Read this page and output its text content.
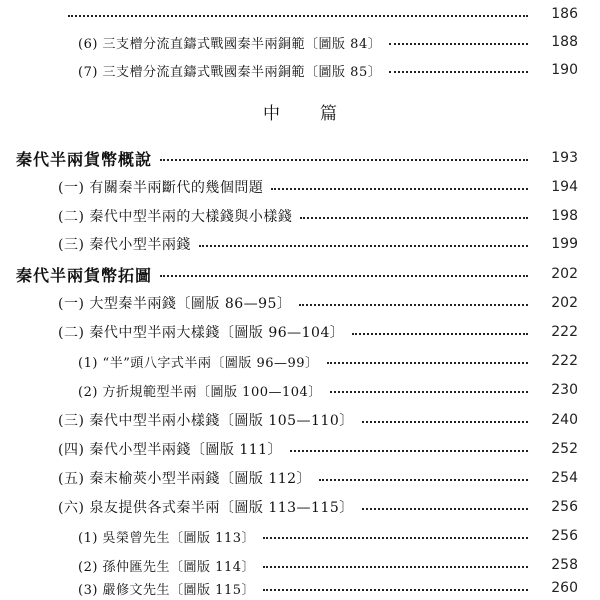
186
(6) 三支橧分流直鑄式戰國秦半兩銅範〔圖版 84〕	188
(7) 三支橧分流直鑄式戰國秦半兩銅範〔圖版 85〕	190
中篇
秦代半兩貨幣概說	193
(一) 有關秦半兩斷代的幾個問題	194
(二) 秦代中型半兩的大樣錢與小樣錢	198
(三) 秦代小型半兩錢	199
秦代半兩貨幣拓圖	202
(一) 大型秦半兩錢〔圖版 86—95〕	202
(二) 秦代中型半兩大樣錢〔圖版 96—104〕	222
(1) “半”頭八字式半兩〔圖版 96—99〕	222
(2) 方折規範型半兩〔圖版 100—104〕	230
(三) 秦代中型半兩小樣錢〔圖版 105—110〕	240
(四) 秦代小型半兩錢〔圖版 111〕	252
(五) 秦末榆莢小型半兩錢〔圖版 112〕	254
(六) 泉友提供各式秦半兩〔圖版 113—115〕	256
(1) 吳榮曾先生〔圖版 113〕	256
(2) 孫仲匯先生〔圖版 114〕	258
(3) 嚴修文先生〔圖版 115〕	260
